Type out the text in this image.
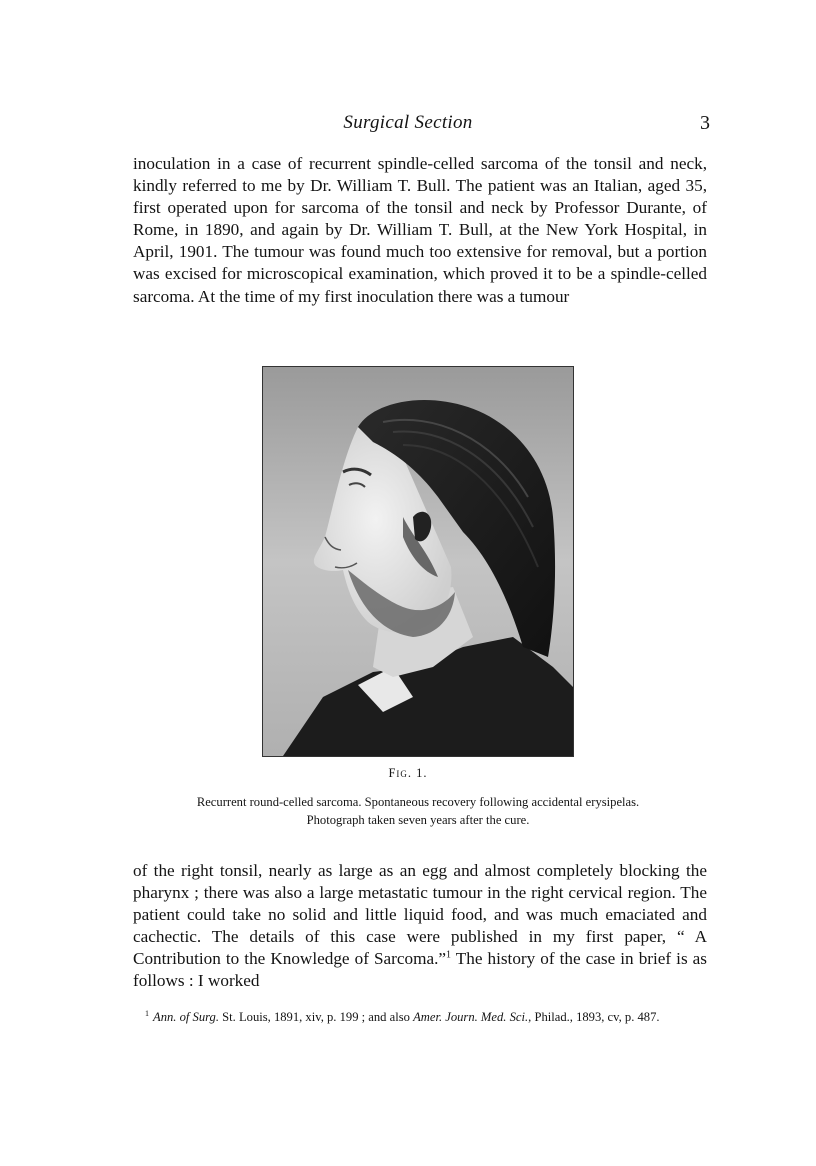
Surgical Section	3

inoculation in a case of recurrent spindle-celled sarcoma of the tonsil and neck, kindly referred to me by Dr. William T. Bull. The patient was an Italian, aged 35, first operated upon for sarcoma of the tonsil and neck by Professor Durante, of Rome, in 1890, and again by Dr. William T. Bull, at the New York Hospital, in April, 1901. The tumour was found much too extensive for removal, but a portion was excised for microscopical examination, which proved it to be a spindle-celled sarcoma. At the time of my first inoculation there was a tumour

Fig. 1.

Recurrent round-celled sarcoma. Spontaneous recovery following accidental erysipelas. Photograph taken seven years after the cure.

of the right tonsil, nearly as large as an egg and almost completely blocking the pharynx ; there was also a large metastatic tumour in the right cervical region. The patient could take no solid and little liquid food, and was much emaciated and cachectic. The details of this case were published in my first paper, “ A Contribution to the Knowledge of Sarcoma.”$^1$ The history of the case in brief is as follows : I worked

$^1$ Ann. of Surg. St. Louis, 1891, xiv, p. 199 ; and also Amer. Journ. Med. Sci., Philad., 1893, cv, p. 487.
